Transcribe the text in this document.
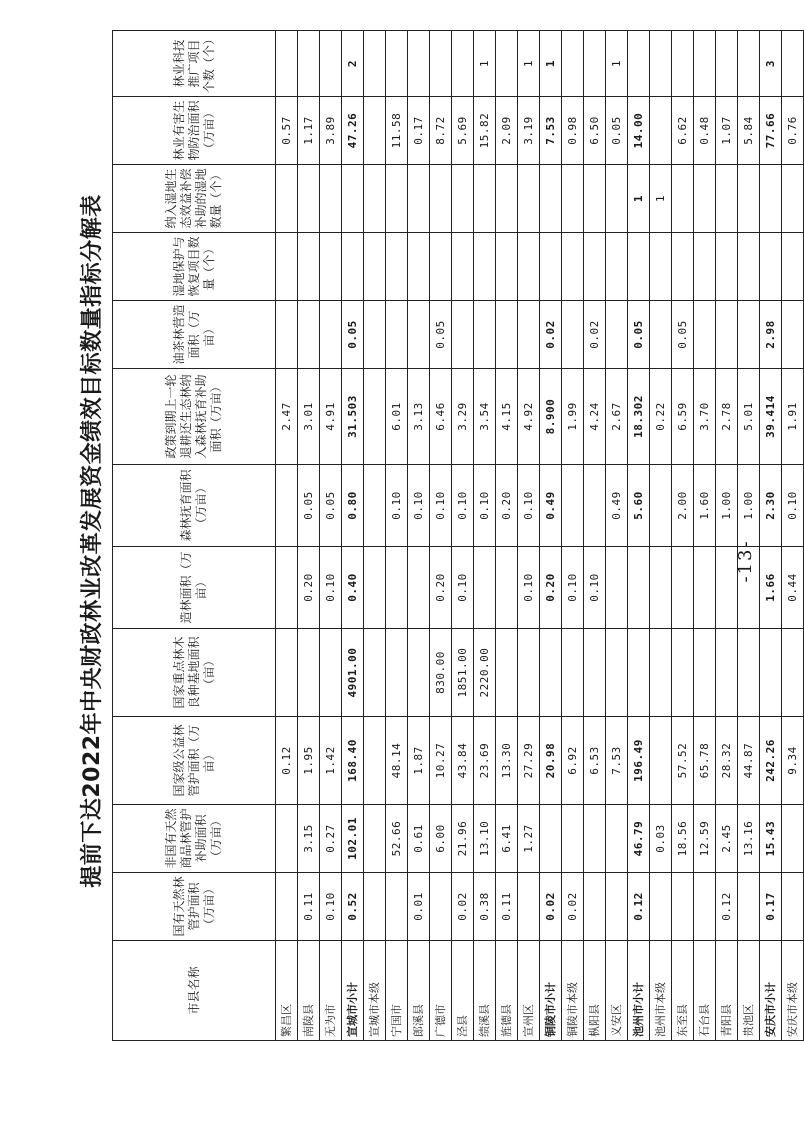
提前下达2022年中央财政林业改革发展资金绩效目标数量指标分解表
市县名称	国有天然林管护面积（万亩）	非国有天然商品林管护补助面积（万亩）	国家级公益林管护面积（万亩）	国家重点林木良种基地面积（亩）	造林面积（万亩）	森林抚育面积（万亩）	政策到期上一轮退耕还生态林纳入森林抚育补助面积（万亩）	油茶林营造面积（万亩）	湿地保护与恢复项目数量（个）	纳入湿地生态效益补偿补助的湿地数量（个）	林业有害生物防治面积（万亩）	林业科技推广项目个数（个）
繁昌区			0.12				2.47				0.57	
南陵县	0.11	3.15	1.95		0.20	0.05	3.01				1.17	
无为市	0.10	0.27	1.42		0.10	0.05	4.91				3.89	
宣城市小计	0.52	102.01	168.40	4901.00	0.40	0.80	31.503	0.05			47.26	2
宣城市本级												
宁国市		52.66	48.14			0.10	6.01				11.58	
郎溪县	0.01	0.61	1.87			0.10	3.13				0.17	
广德市		6.00	10.27	830.00	0.20	0.10	6.46	0.05			8.72	
泾县	0.02	21.96	43.84	1851.00	0.10	0.10	3.29				5.69	
绩溪县	0.38	13.10	23.69	2220.00		0.10	3.54				15.82	1
旌德县	0.11	6.41	13.30			0.20	4.15				2.09	
宣州区		1.27	27.29		0.10	0.10	4.92				3.19	1
铜陵市小计	0.02		20.98		0.20	0.49	8.900	0.02			7.53	1
铜陵市本级	0.02		6.92		0.10		1.99				0.98	
枞阳县			6.53		0.10		4.24	0.02			6.50	
义安区			7.53			0.49	2.67				0.05	1
池州市小计	0.12	46.79	196.49			5.60	18.302	0.05		1	14.00	
池州市本级		0.03					0.22			1		
东至县		18.56	57.52			2.00	6.59	0.05			6.62	
石台县		12.59	65.78			1.60	3.70				0.48	
青阳县	0.12	2.45	28.32			1.00	2.78				1.07	
贵池区		13.16	44.87			1.00	5.01				5.84	
安庆市小计	0.17	15.43	242.26		1.66	2.30	39.414	2.98			77.66	3
安庆市本级			9.34		0.44	0.10	1.91				0.76	
-13-
